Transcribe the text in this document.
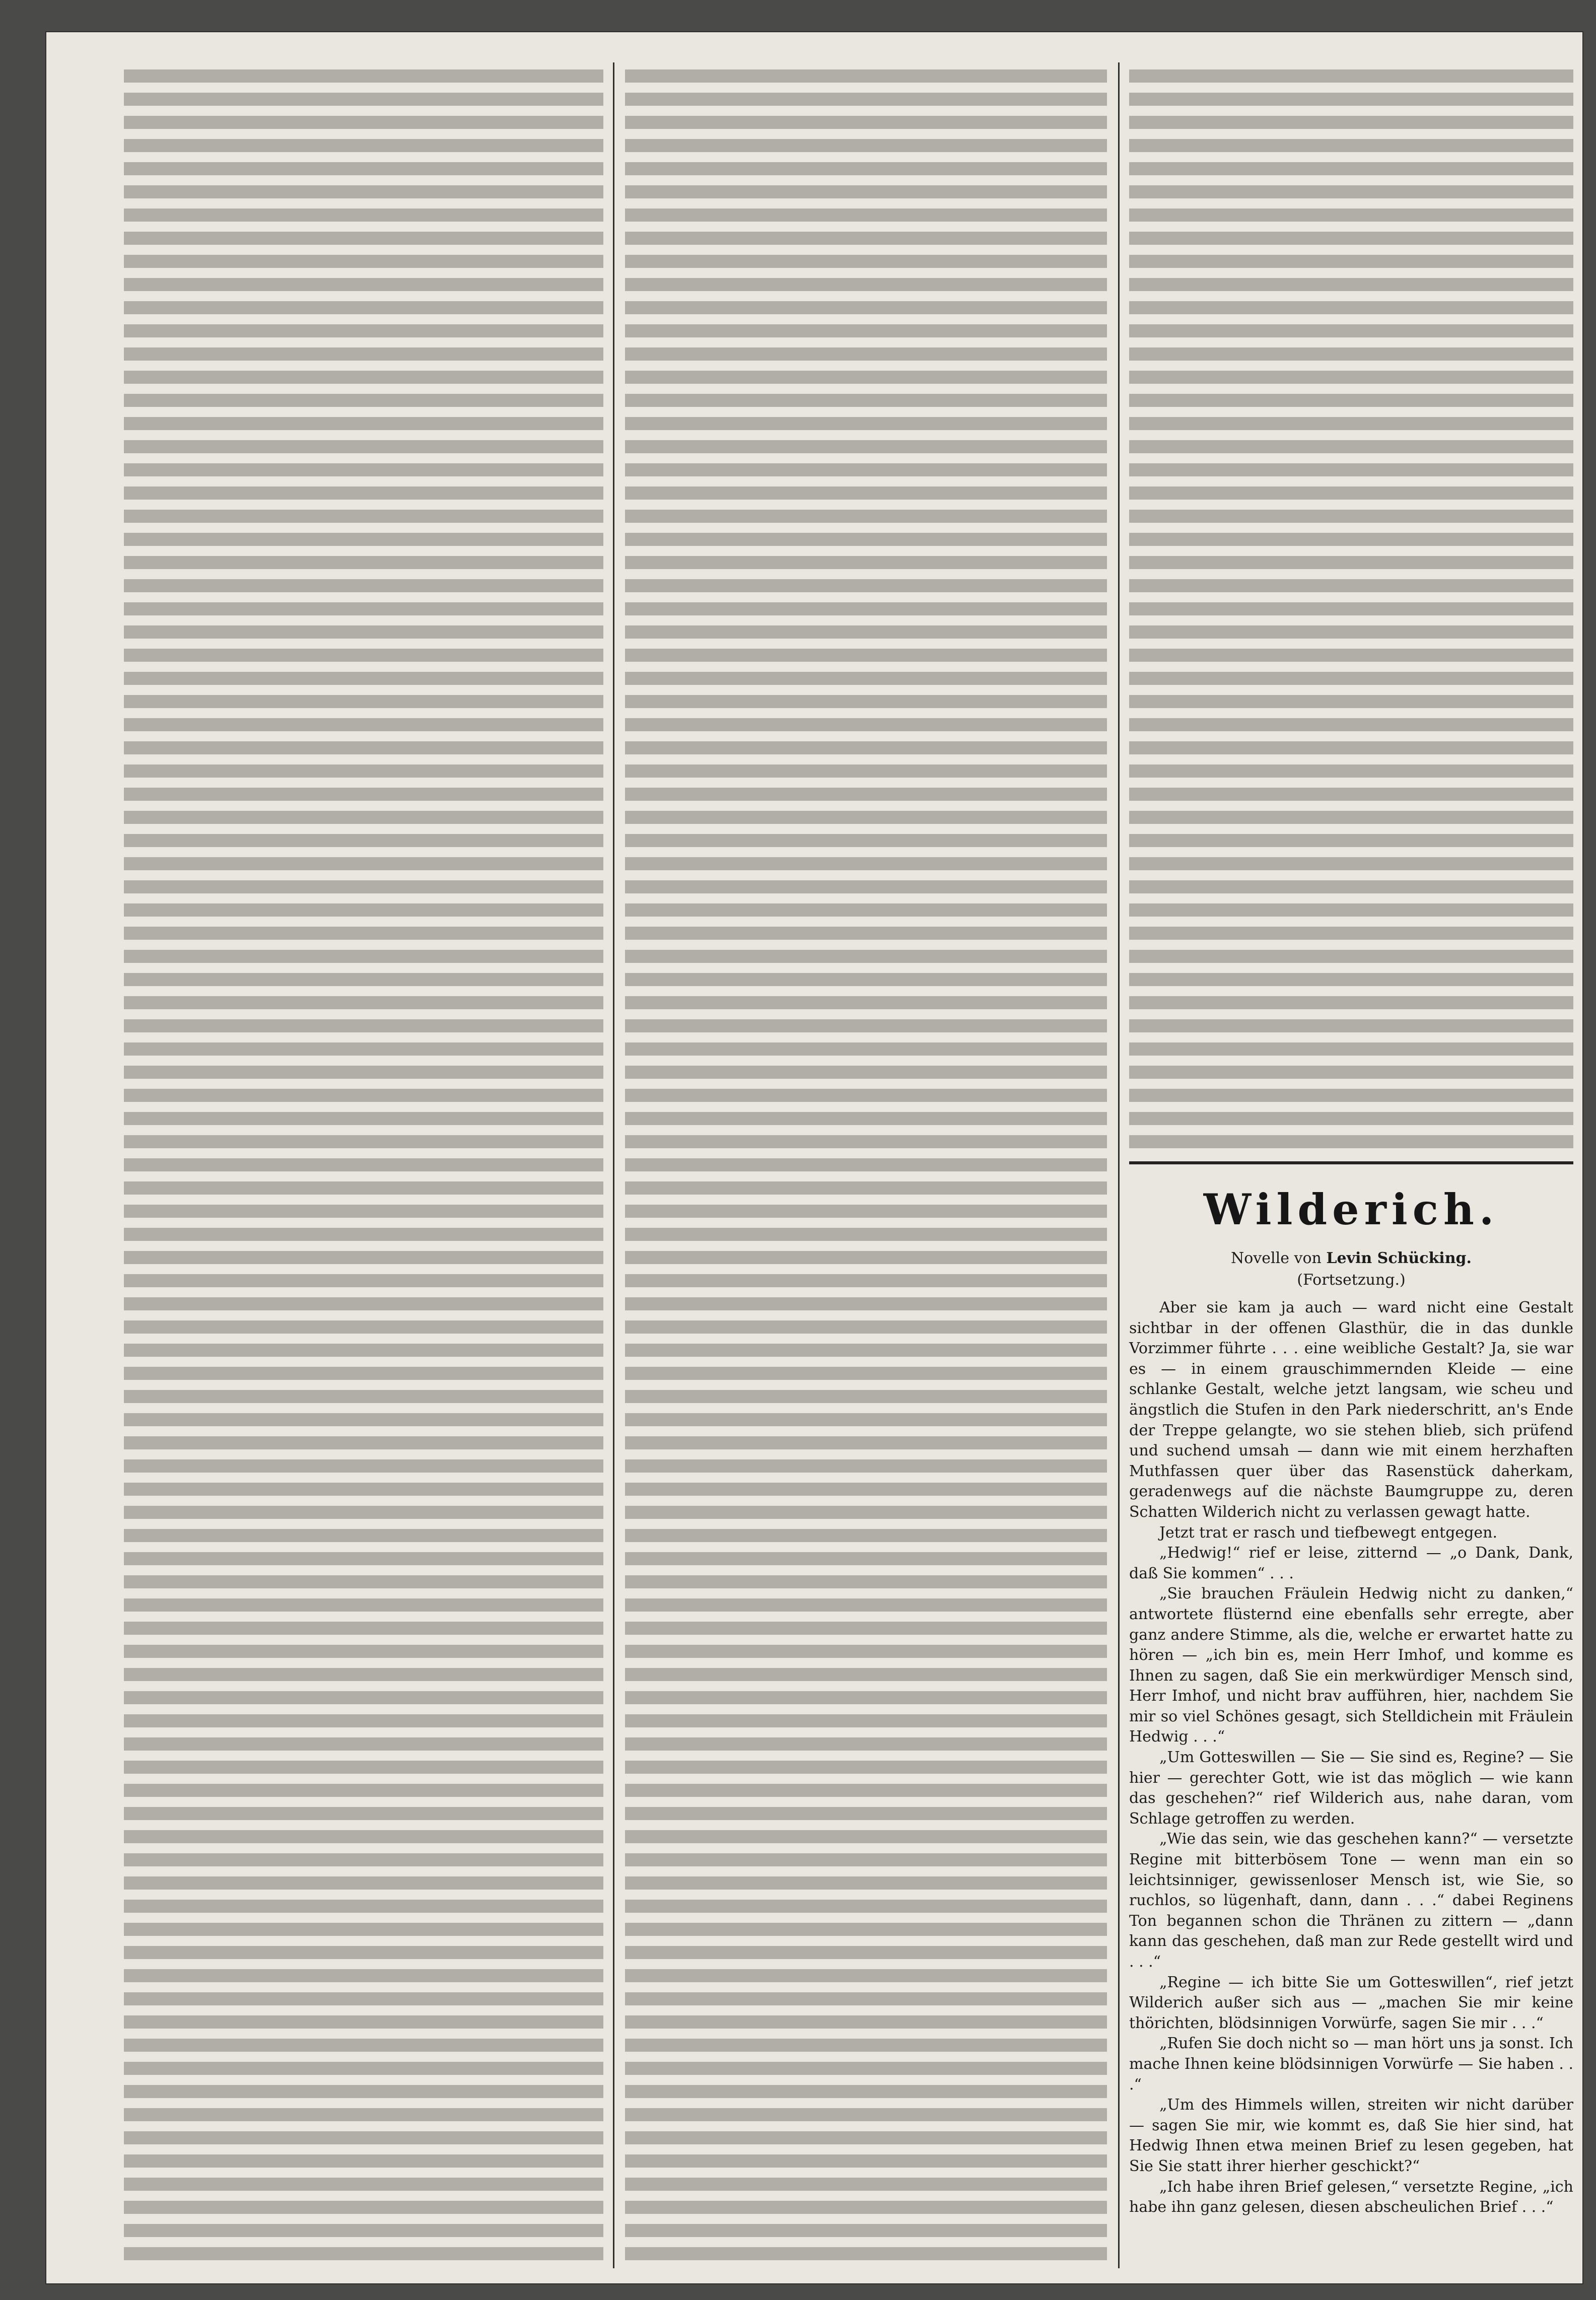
Wilderich.
Novelle von Levin Schücking.
(Fortsetzung.)

Aber sie kam ja auch — ward nicht eine Gestalt sichtbar in der offenen Glasthür, die in das dunkle Vorzimmer führte . . . eine weibliche Gestalt? Ja, sie war es — in einem grauschimmernden Kleide — eine schlanke Gestalt, welche jetzt langsam, wie scheu und ängstlich die Stufen in den Park niederschritt, an's Ende der Treppe gelangte, wo sie stehen blieb, sich prüfend und suchend umsah — dann wie mit einem herzhaften Muthfassen quer über das Rasenstück daherkam, geradenwegs auf die nächste Baumgruppe zu, deren Schatten Wilderich nicht zu verlassen gewagt hatte.

Jetzt trat er rasch und tiefbewegt entgegen.

„Hedwig!“ rief er leise, zitternd — „o Dank, Dank, daß Sie kommen“ . . .

„Sie brauchen Fräulein Hedwig nicht zu danken,“ antwortete flüsternd eine ebenfalls sehr erregte, aber ganz andere Stimme, als die, welche er erwartet hatte zu hören — „ich bin es, mein Herr Imhof, und komme es Ihnen zu sagen, daß Sie ein merkwürdiger Mensch sind, Herr Imhof, und nicht brav aufführen, hier, nachdem Sie mir so viel Schönes gesagt, sich Stelldichein mit Fräulein Hedwig . . .“

„Um Gotteswillen — Sie — Sie sind es, Regine? — Sie hier — gerechter Gott, wie ist das möglich — wie kann das geschehen?“ rief Wilderich aus, nahe daran, vom Schlage getroffen zu werden.

„Wie das sein, wie das geschehen kann?“ — versetzte Regine mit bitterbösem Tone — wenn man ein so leichtsinniger, gewissenloser Mensch ist, wie Sie, so ruchlos, so lügenhaft, dann, dann . . .“ dabei Reginens Ton begannen schon die Thränen zu zittern — „dann kann das geschehen, daß man zur Rede gestellt wird und . . .“

„Regine — ich bitte Sie um Gotteswillen“, rief jetzt Wilderich außer sich aus — „machen Sie mir keine thörichten, blödsinnigen Vorwürfe, sagen Sie mir . . .“

„Rufen Sie doch nicht so — man hört uns ja sonst. Ich mache Ihnen keine blödsinnigen Vorwürfe — Sie haben . . .“

„Um des Himmels willen, streiten wir nicht darüber — sagen Sie mir, wie kommt es, daß Sie hier sind, hat Hedwig Ihnen etwa meinen Brief zu lesen gegeben, hat Sie Sie statt ihrer hierher geschickt?“

„Ich habe ihren Brief gelesen,“ versetzte Regine, „ich habe ihn ganz gelesen, diesen abscheulichen Brief . . .“
